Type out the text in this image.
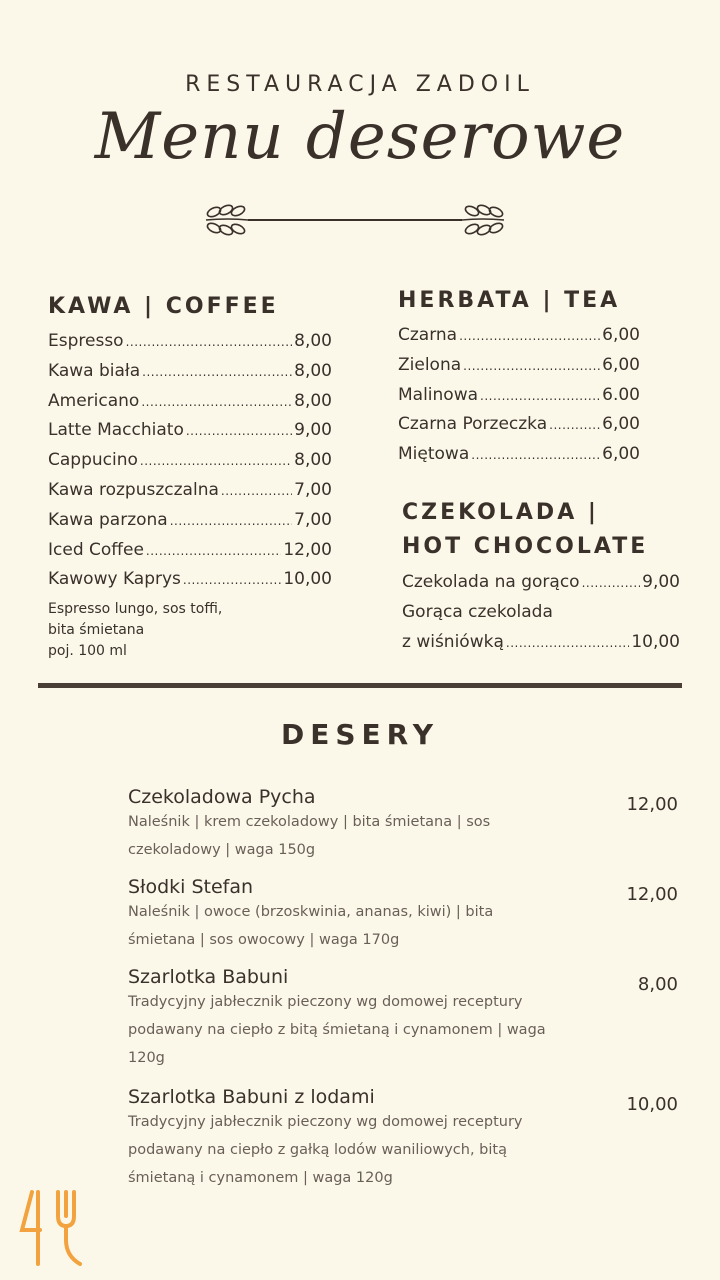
RESTAURACJA ZADOIL
Menu deserowe
KAWA | COFFEE
Espresso .....	8,00
Kawa biała .....	8,00
Americano .....	8,00
Latte Macchiato .....	9,00
Cappucino .....	8,00
Kawa rozpuszczalna .....	7,00
Kawa parzona .....	7,00
Iced Coffee .....	12,00
Kawowy Kaprys .....	10,00
Espresso lungo, sos toffi,
bita śmietana
poj. 100 ml
HERBATA | TEA
Czarna .....	6,00
Zielona .....	6,00
Malinowa .....	6.00
Czarna Porzeczka .....	6,00
Miętowa .....	6,00
CZEKOLADA |
HOT CHOCOLATE
Czekolada na gorąco .....	9,00
Gorąca czekolada
z wiśniówką .....	10,00
DESERY
Czekoladowa Pycha
Naleśnik | krem czekoladowy | bita śmietana | sos czekoladowy | waga 150g
12,00
Słodki Stefan
Naleśnik | owoce (brzoskwinia, ananas, kiwi) | bita śmietana | sos owocowy | waga 170g
12,00
Szarlotka Babuni
Tradycyjny jabłecznik pieczony wg domowej receptury podawany na ciepło z bitą śmietaną i cynamonem | waga 120g
8,00
Szarlotka Babuni z lodami
Tradycyjny jabłecznik pieczony wg domowej receptury podawany na ciepło z gałką lodów waniliowych, bitą śmietaną i cynamonem | waga 120g
10,00
